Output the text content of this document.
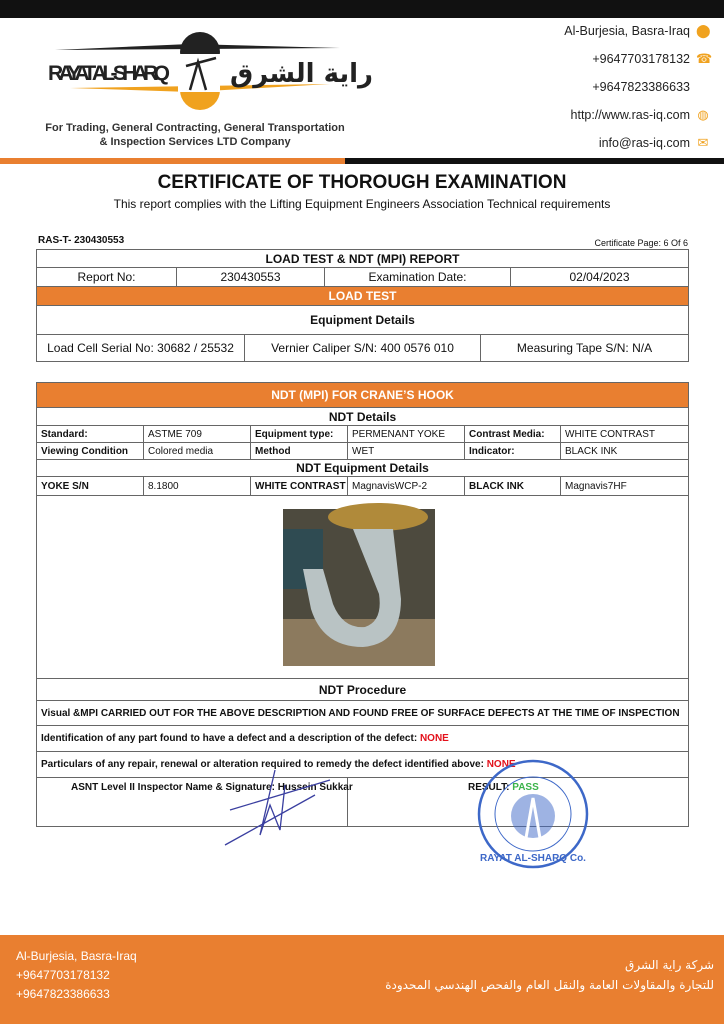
RAYAT AL-SHARQ راية الشرق
For Trading, General Contracting, General Transportation
& Inspection Services LTD Company
Al-Burjesia, Basra-Iraq ⬤
+9647703178132 ☎
+9647823386633
http://www.ras-iq.com ◍
info@ras-iq.com ✉
CERTIFICATE OF THOROUGH EXAMINATION
This report complies with the Lifting Equipment Engineers Association Technical requirements
RAS-T- 230430553	Certificate Page: 6 Of 6
LOAD TEST & NDT (MPI) REPORT
Report No:	230430553	Examination Date:	02/04/2023
LOAD TEST
Equipment Details

Load Cell Serial No: 30682 / 25532	Vernier Caliper S/N: 400 0576 010	Measuring Tape S/N: N/A
NDT (MPI) FOR CRANE’S HOOK					
NDT Details					
Standard:	ASTME 709	Equipment type:	PERMENANT YOKE	Contrast Media:	WHITE CONTRAST
Viewing Condition	Colored media	Method	WET	Indicator:	BLACK INK
NDT Equipment Details					
YOKE S/N	8.1800	WHITE CONTRAST	MagnavisWCP-2	BLACK INK	Magnavis7HF

NDT Procedure					
Visual &MPI CARRIED OUT FOR THE ABOVE DESCRIPTION AND FOUND FREE OF SURFACE DEFECTS AT THE TIME OF INSPECTION					
Identification of any part found to have a defect and a description of the defect: NONE					
Particulars of any repair, renewal or alteration required to remedy the defect identified above: NONE					
ASNT Level II Inspector Name & Signature: Hussein Sukkar			RESULT: PASS		
RAYAT AL-SHARQ Co.
Al-Burjesia, Basra-Iraq
+9647703178132
+9647823386633
شركة راية الشرق
للتجارة والمقاولات العامة والنقل العام والفحص الهندسي المحدودة
